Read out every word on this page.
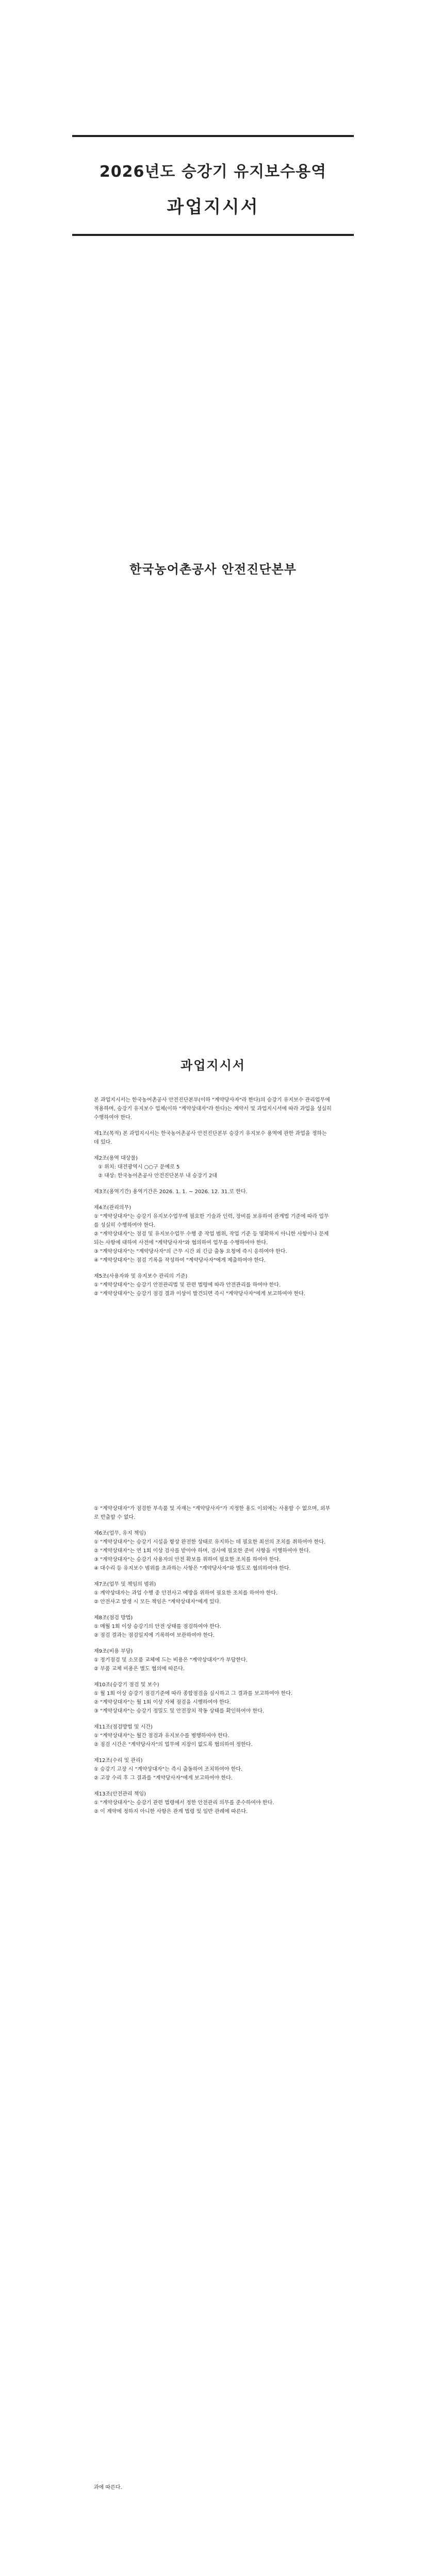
2026년도 승강기 유지보수용역
과업지시서
한국농어촌공사 안전진단본부
과업지시서

본 과업지시서는 한국농어촌공사 안전진단본부(이하 "계약당사자"라 한다)의 승강기 유지보수 관리업무에 적용하며, 승강기 유지보수 업체(이하 "계약상대자"라 한다)는 계약서 및 과업지시서에 따라 과업을 성실히 수행하여야 한다.

제1조(목적) 본 과업지시서는 한국농어촌공사 안전진단본부 승강기 유지보수 용역에 관한 과업을 정하는 데 있다.

제2조(용역 대상물)

① 위치: 대전광역시 ○○구 문예로 5

② 대상: 한국농어촌공사 안전진단본부 내 승강기 2대

제3조(용역기간) 용역기간은 2026. 1. 1. ~ 2026. 12. 31.로 한다.

제4조(관리의무)

① "계약상대자"는 승강기 유지보수업무에 필요한 기술과 인력, 장비를 보유하여 관계법 기준에 따라 업무를 성실히 수행하여야 한다.

② "계약상대자"는 점검 및 유지보수업무 수행 중 작업 범위, 작업 기준 등 명확하지 아니한 사항이나 문제 되는 사항에 대하여 사전에 "계약당사자"와 협의하여 업무를 수행하여야 한다.

③ "계약상대자"는 "계약당사자"의 근무 시간 외 긴급 출동 요청에 즉시 응하여야 한다.

④ "계약상대자"는 점검 기록을 작성하여 "계약당사자"에게 제출하여야 한다.

제5조(사용자와 및 유지보수 관리의 기준)

① "계약상대자"는 승강기 안전관리법 및 관련 법령에 따라 안전관리를 하여야 한다.

② "계약상대자"는 승강기 점검 결과 이상이 발견되면 즉시 "계약당사자"에게 보고하여야 한다.

① "계약상대자"가 점검한 부속품 및 자재는 "계약당사자"가 지정한 용도 이외에는 사용할 수 없으며, 외부로 반출할 수 없다.

제6조(업무, 유지 책임)

① "계약상대자"는 승강기 시설을 항상 완전한 상태로 유지하는 데 필요한 최선의 조치를 취하여야 한다.

② "계약상대자"는 연 1회 이상 검사를 받아야 하며, 검사에 필요한 준비 사항을 이행하여야 한다.

③ "계약상대자"는 승강기 사용자의 안전 확보를 위하여 필요한 조치를 하여야 한다.

④ 대수리 등 유지보수 범위를 초과하는 사항은 "계약당사자"와 별도로 협의하여야 한다.

제7조(업무 및 책임의 범위)

① 계약상대자는 과업 수행 중 안전사고 예방을 위하여 필요한 조치를 하여야 한다.

② 안전사고 발생 시 모든 책임은 "계약상대자"에게 있다.

제8조(점검 방법)

① 매월 1회 이상 승강기의 안전 상태를 점검하여야 한다.

② 점검 결과는 점검일지에 기록하여 보관하여야 한다.

제9조(비용 부담)

① 정기점검 및 소모품 교체에 드는 비용은 "계약상대자"가 부담한다.

② 부품 교체 비용은 별도 협의에 따른다.

제10조(승강기 점검 및 보수)

① 월 1회 이상 승강기 점검기준에 따라 종합점검을 실시하고 그 결과를 보고하여야 한다.

② "계약상대자"는 월 1회 이상 자체 점검을 시행하여야 한다.

③ "계약상대자"는 승강기 정밀도 및 안전장치 작동 상태를 확인하여야 한다.

제11조(점검방법 및 시간)

① "계약상대자"는 월간 점검과 유지보수를 병행하여야 한다.

② 점검 시간은 "계약당사자"의 업무에 지장이 없도록 협의하여 정한다.

제12조(수리 및 관리)

① 승강기 고장 시 "계약상대자"는 즉시 출동하여 조치하여야 한다.

② 고장 수리 후 그 결과를 "계약당사자"에게 보고하여야 한다.

제13조(안전관리 책임)

① "계약상대자"는 승강기 관련 법령에서 정한 안전관리 의무를 준수하여야 한다.

② 이 계약에 정하지 아니한 사항은 관계 법령 및 일반 관례에 따른다.

과에 따른다.
